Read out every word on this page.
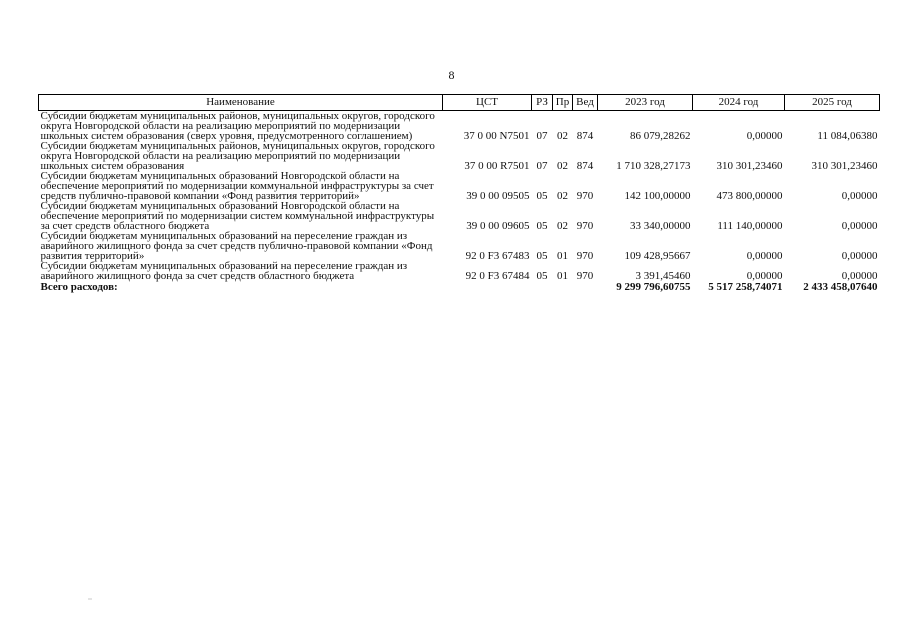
8
Наименование	ЦСТ	РЗ	Пр	Вед	2023 год	2024 год	2025 год
Субсидии бюджетам муниципальных районов, муниципальных округов, городского округа Новгородской области на реализацию мероприятий по модернизации школьных систем образования (сверх уровня, предусмотренного соглашением)	37 0 00 N7501	07	02	874	86 079,28262	0,00000	11 084,06380
Субсидии бюджетам муниципальных районов, муниципальных округов, городского округа Новгородской области на реализацию мероприятий по модернизации школьных систем образования	37 0 00 R7501	07	02	874	1 710 328,27173	310 301,23460	310 301,23460
Субсидии бюджетам муниципальных образований Новгородской области на обеспечение мероприятий по модернизации коммунальной инфраструктуры за счет средств публично-правовой компании «Фонд развития территорий»	39 0 00 09505	05	02	970	142 100,00000	473 800,00000	0,00000
Субсидии бюджетам муниципальных образований Новгородской области на обеспечение мероприятий по модернизации систем коммунальной инфраструктуры за счет средств областного бюджета	39 0 00 09605	05	02	970	33 340,00000	111 140,00000	0,00000
Субсидии бюджетам муниципальных образований на переселение граждан из аварийного жилищного фонда за счет средств публично-правовой компании «Фонд развития территорий»	92 0 F3 67483	05	01	970	109 428,95667	0,00000	0,00000
Субсидии бюджетам муниципальных образований на переселение граждан из аварийного жилищного фонда за счет средств областного бюджета	92 0 F3 67484	05	01	970	3 391,45460	0,00000	0,00000
Всего расходов:					9 299 796,60755	5 517 258,74071	2 433 458,07640
